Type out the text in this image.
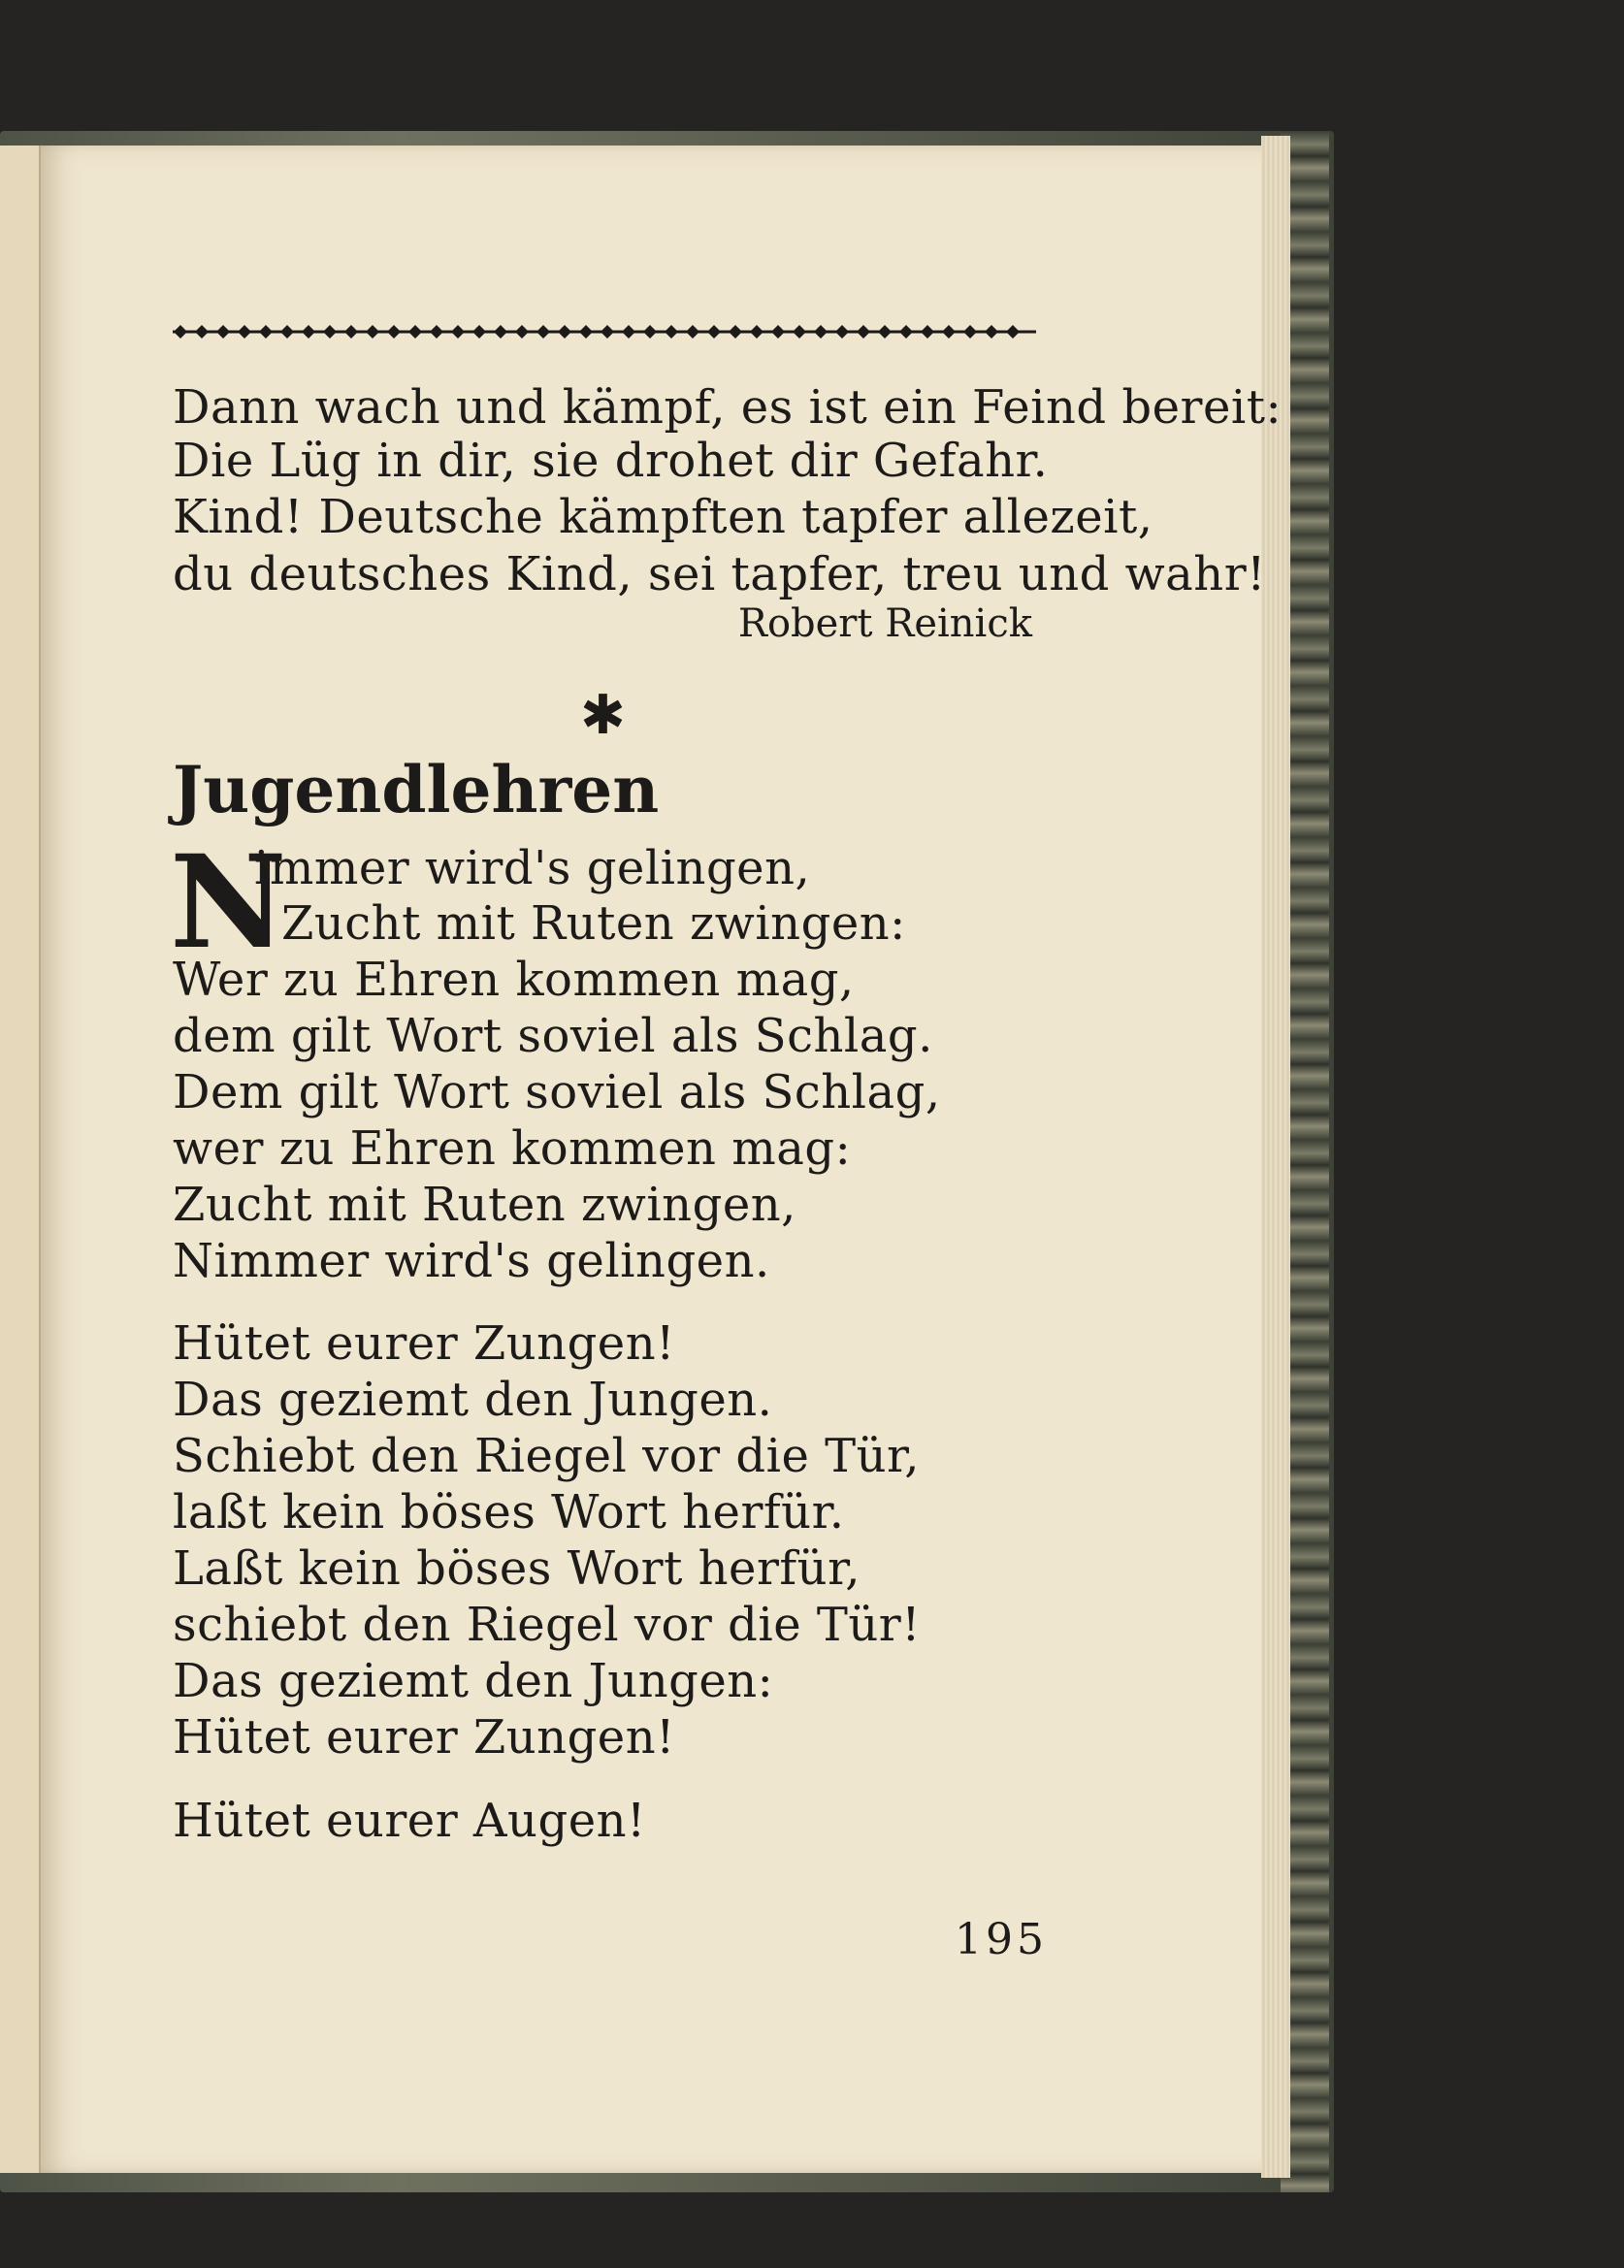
Dann wach und kämpf, es ist ein Feind bereit:
Die Lüg in dir, sie drohet dir Gefahr.
Kind! Deutsche kämpften tapfer allezeit,
du deutsches Kind, sei tapfer, treu und wahr!
Robert Reinick
✱
Jugendlehren
N
immer wird's gelingen,
Zucht mit Ruten zwingen:
Wer zu Ehren kommen mag,
dem gilt Wort soviel als Schlag.
Dem gilt Wort soviel als Schlag,
wer zu Ehren kommen mag:
Zucht mit Ruten zwingen,
Nimmer wird's gelingen.
Hütet eurer Zungen!
Das geziemt den Jungen.
Schiebt den Riegel vor die Tür,
laßt kein böses Wort herfür.
Laßt kein böses Wort herfür,
schiebt den Riegel vor die Tür!
Das geziemt den Jungen:
Hütet eurer Zungen!
Hütet eurer Augen!
195
